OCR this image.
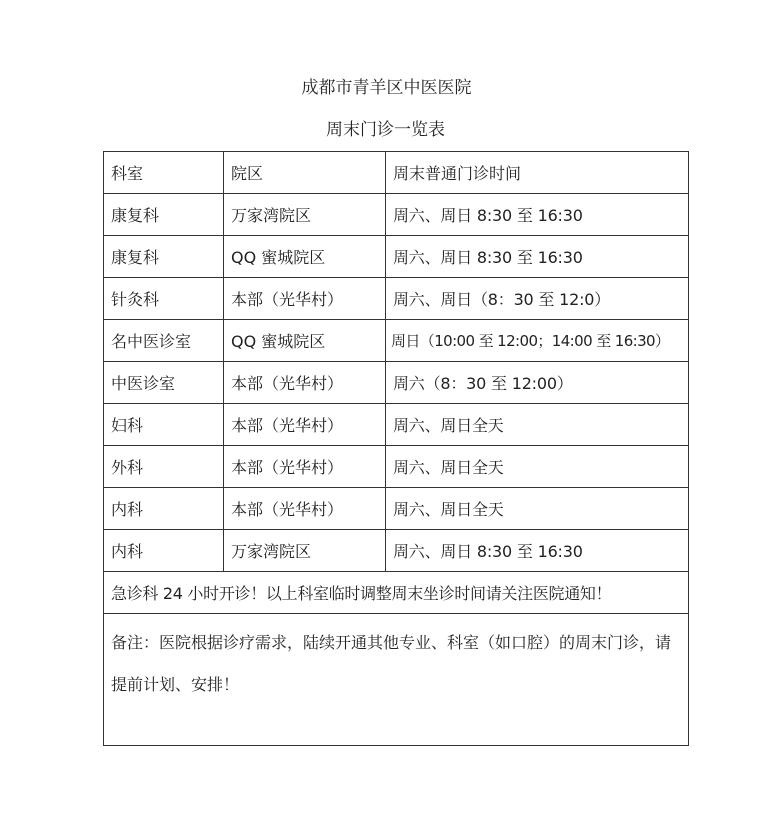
成都市青羊区中医医院
周末门诊一览表
科室	院区	周末普通门诊时间
康复科	万家湾院区	周六、周日 8:30 至 16:30
康复科	QQ 蜜城院区	周六、周日 8:30 至 16:30
针灸科	本部（光华村）	周六、周日（8：30 至 12:0）
名中医诊室	QQ 蜜城院区	周日（10:00 至 12:00；14:00 至 16:30）
中医诊室	本部（光华村）	周六（8：30 至 12:00）
妇科	本部（光华村）	周六、周日全天
外科	本部（光华村）	周六、周日全天
内科	本部（光华村）	周六、周日全天
内科	万家湾院区	周六、周日 8:30 至 16:30
急诊科 24 小时开诊！以上科室临时调整周末坐诊时间请关注医院通知！		
备注：医院根据诊疗需求，陆续开通其他专业、科室（如口腔）的周末门诊，请提前计划、安排！		
